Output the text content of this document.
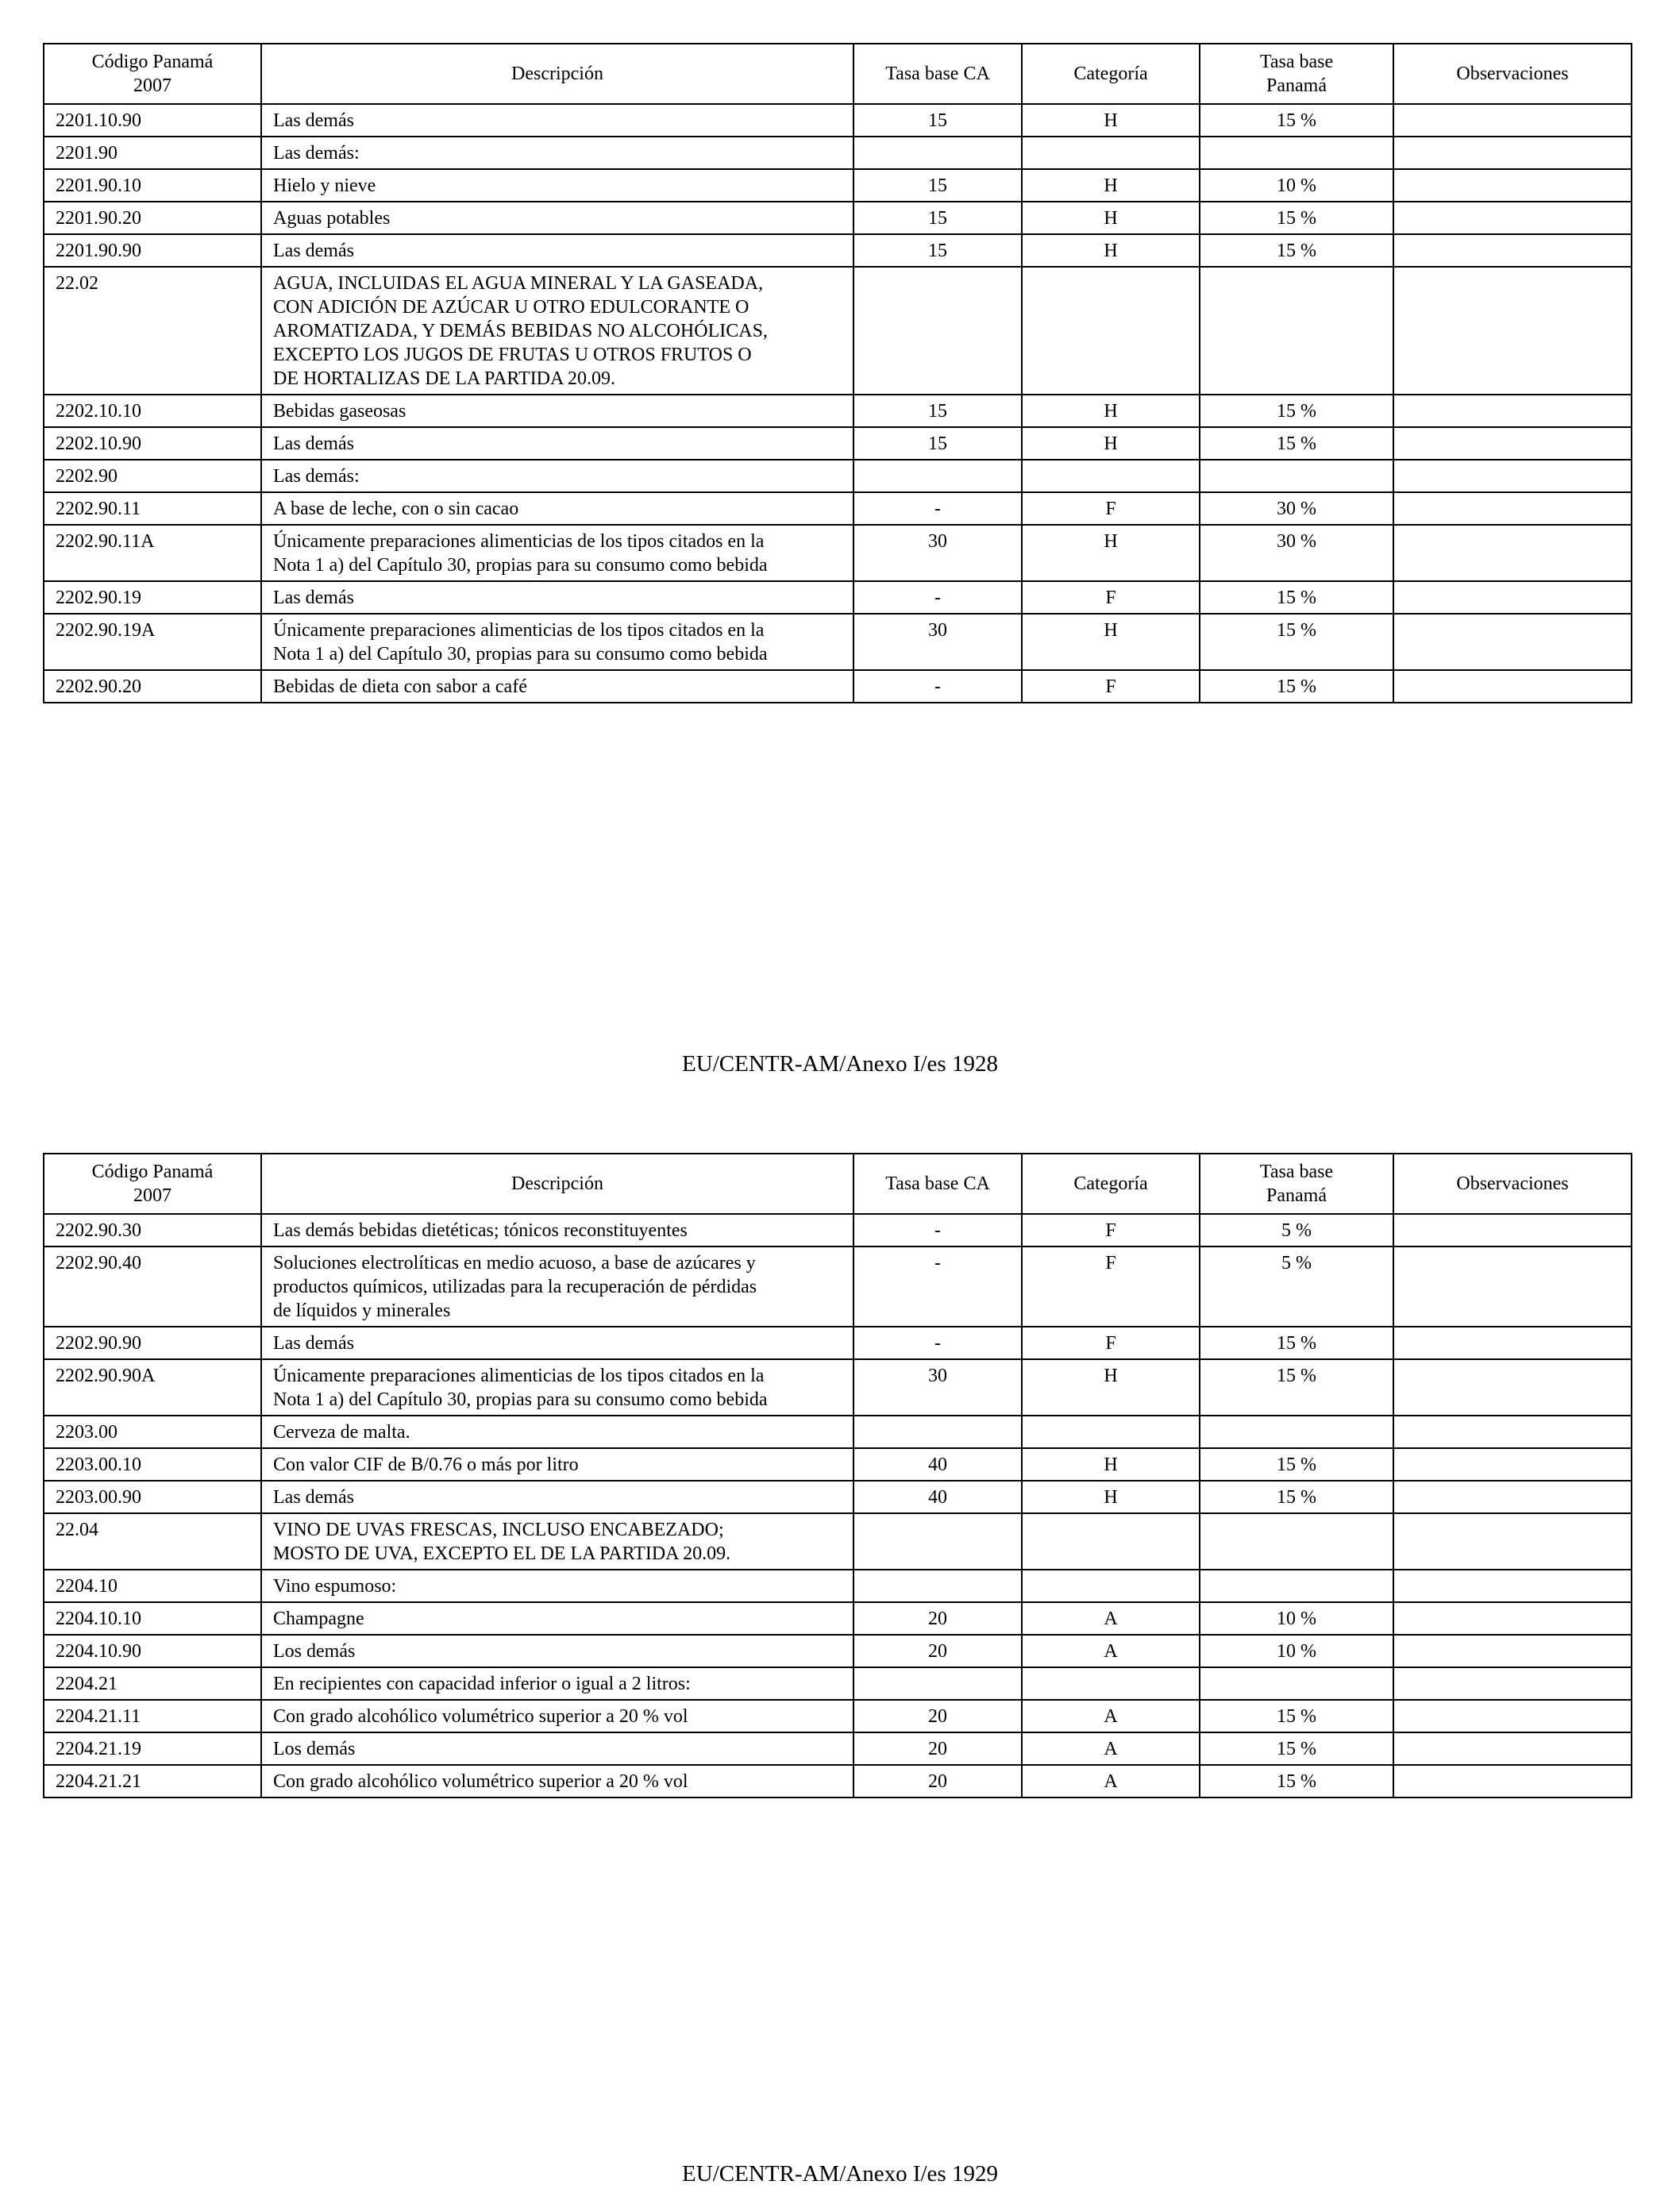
Código Panamá
2007	Descripción	Tasa base CA	Categoría	Tasa base
Panamá	Observaciones
2201.10.90	Las demás	15	H	15 %	
2201.90	Las demás:				
2201.90.10	Hielo y nieve	15	H	10 %	
2201.90.20	Aguas potables	15	H	15 %	
2201.90.90	Las demás	15	H	15 %	
22.02	AGUA, INCLUIDAS EL AGUA MINERAL Y LA GASEADA,
CON ADICIÓN DE AZÚCAR U OTRO EDULCORANTE O
AROMATIZADA, Y DEMÁS BEBIDAS NO ALCOHÓLICAS,
EXCEPTO LOS JUGOS DE FRUTAS U OTROS FRUTOS O
DE HORTALIZAS DE LA PARTIDA 20.09.				
2202.10.10	Bebidas gaseosas	15	H	15 %	
2202.10.90	Las demás	15	H	15 %	
2202.90	Las demás:				
2202.90.11	A base de leche, con o sin cacao	-	F	30 %	
2202.90.11A	Únicamente preparaciones alimenticias de los tipos citados en la
Nota 1 a) del Capítulo 30, propias para su consumo como bebida	30	H	30 %	
2202.90.19	Las demás	-	F	15 %	
2202.90.19A	Únicamente preparaciones alimenticias de los tipos citados en la
Nota 1 a) del Capítulo 30, propias para su consumo como bebida	30	H	15 %	
2202.90.20	Bebidas de dieta con sabor a café	-	F	15 %	
EU/CENTR-AM/Anexo I/es 1928
Código Panamá
2007	Descripción	Tasa base CA	Categoría	Tasa base
Panamá	Observaciones
2202.90.30	Las demás bebidas dietéticas; tónicos reconstituyentes	-	F	5 %	
2202.90.40	Soluciones electrolíticas en medio acuoso, a base de azúcares y
productos químicos, utilizadas para la recuperación de pérdidas
de líquidos y minerales	-	F	5 %	
2202.90.90	Las demás	-	F	15 %	
2202.90.90A	Únicamente preparaciones alimenticias de los tipos citados en la
Nota 1 a) del Capítulo 30, propias para su consumo como bebida	30	H	15 %	
2203.00	Cerveza de malta.				
2203.00.10	Con valor CIF de B/0.76 o más por litro	40	H	15 %	
2203.00.90	Las demás	40	H	15 %	
22.04	VINO DE UVAS FRESCAS, INCLUSO ENCABEZADO;
MOSTO DE UVA, EXCEPTO EL DE LA PARTIDA 20.09.				
2204.10	Vino espumoso:				
2204.10.10	Champagne	20	A	10 %	
2204.10.90	Los demás	20	A	10 %	
2204.21	En recipientes con capacidad inferior o igual a 2 litros:				
2204.21.11	Con grado alcohólico volumétrico superior a 20 % vol	20	A	15 %	
2204.21.19	Los demás	20	A	15 %	
2204.21.21	Con grado alcohólico volumétrico superior a 20 % vol	20	A	15 %	
EU/CENTR-AM/Anexo I/es 1929
